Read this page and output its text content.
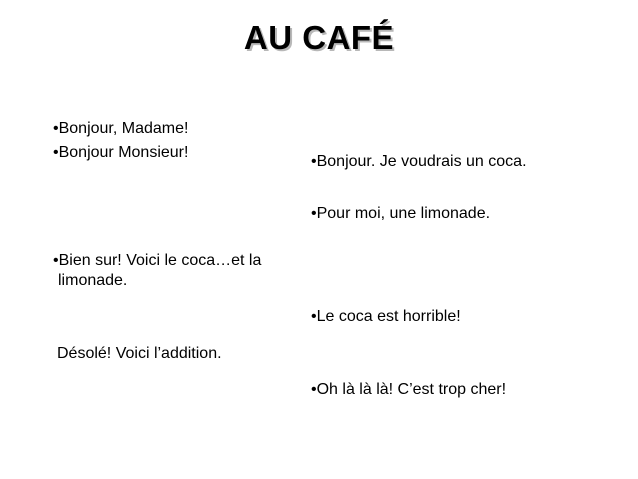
AU CAFÉ
•Bonjour, Madame!
•Bonjour Monsieur!
•Bien sur! Voici le coca…et la
limonade.
Désolé! Voici l’addition.
•Bonjour. Je voudrais un coca.
•Pour moi, une limonade.
•Le coca est horrible!
•Oh là là là! C’est trop cher!
